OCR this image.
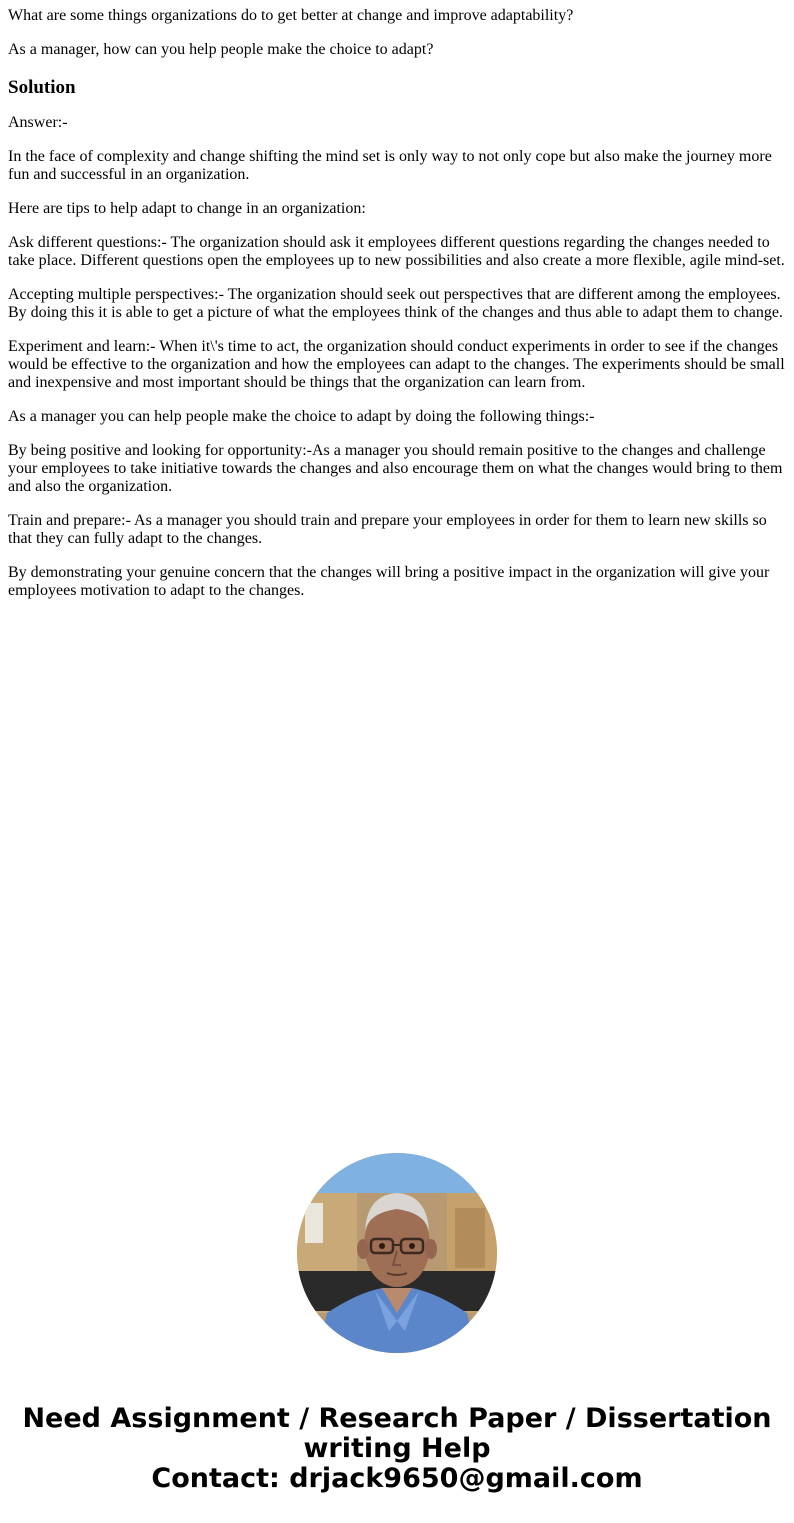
What are some things organizations do to get better at change and improve adaptability?

As a manager, how can you help people make the choice to adapt?

Solution

Answer:-

In the face of complexity and change shifting the mind set is only way to not only cope but also make the journey more fun and successful in an organization.

Here are tips to help adapt to change in an organization:

Ask different questions:- The organization should ask it employees different questions regarding the changes needed to take place. Different questions open the employees up to new possibilities and also create a more flexible, agile mind-set.

Accepting multiple perspectives:- The organization should seek out perspectives that are different among the employees. By doing this it is able to get a picture of what the employees think of the changes and thus able to adapt them to change.

Experiment and learn:- When it\'s time to act, the organization should conduct experiments in order to see if the changes would be effective to the organization and how the employees can adapt to the changes. The experiments should be small and inexpensive and most important should be things that the organization can learn from.

As a manager you can help people make the choice to adapt by doing the following things:-

By being positive and looking for opportunity:-As a manager you should remain positive to the changes and challenge your employees to take initiative towards the changes and also encourage them on what the changes would bring to them and also the organization.

Train and prepare:- As a manager you should train and prepare your employees in order for them to learn new skills so that they can fully adapt to the changes.

By demonstrating your genuine concern that the changes will bring a positive impact in the organization will give your employees motivation to adapt to the changes.

Need Assignment / Research Paper / Dissertation
writing Help
Contact: drjack9650@gmail.com
